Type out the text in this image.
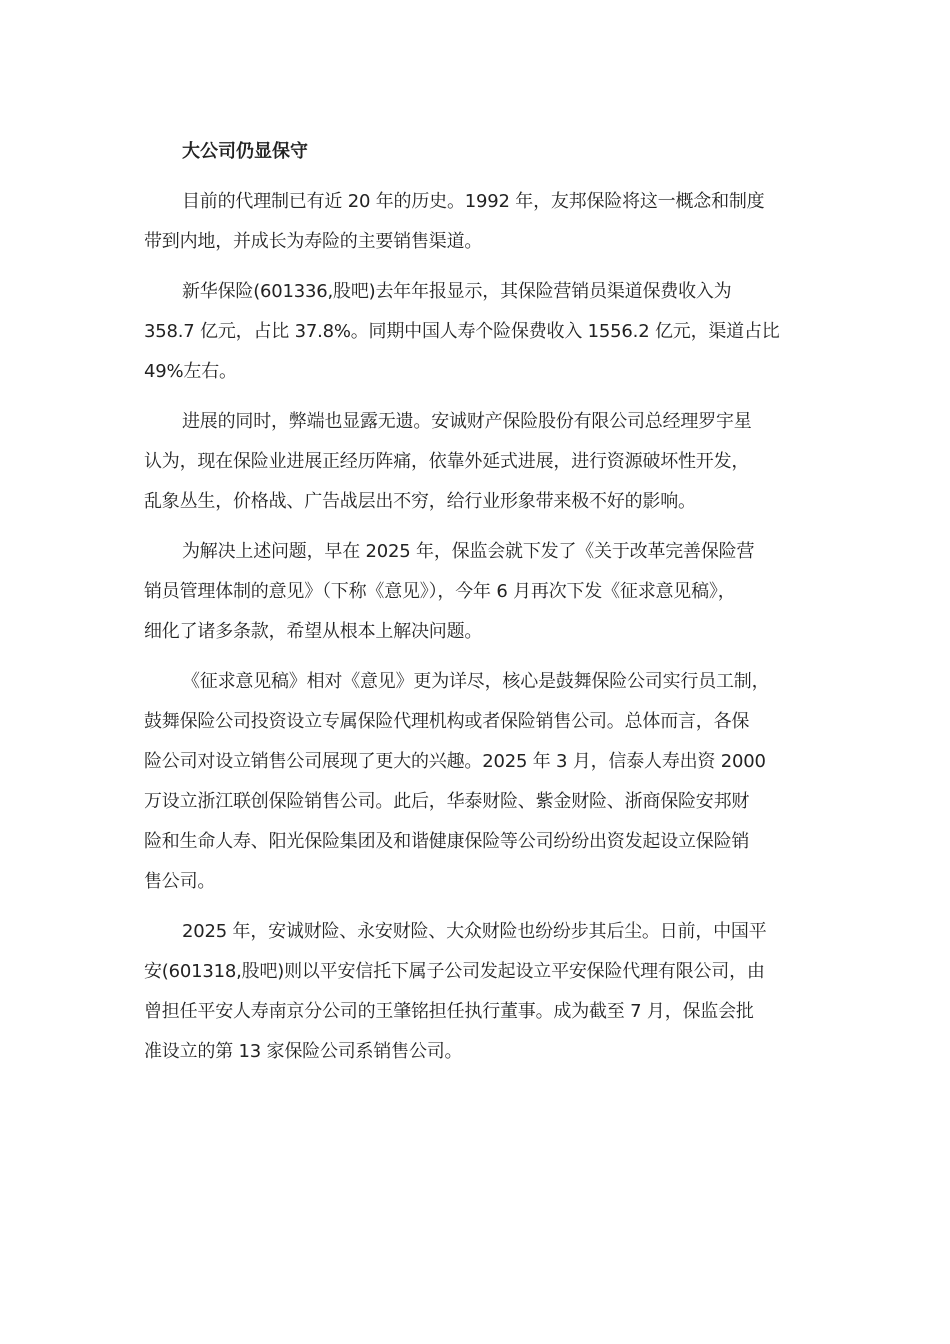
大公司仍显保守
目前的代理制已有近 20 年的历史。1992 年，友邦保险将这一概念和制度
带到内地，并成长为寿险的主要销售渠道。
新华保险(601336,股吧)去年年报显示，其保险营销员渠道保费收入为
358.7 亿元，占比 37.8%。同期中国人寿个险保费收入 1556.2 亿元，渠道占比
49%左右。
进展的同时，弊端也显露无遗。安诚财产保险股份有限公司总经理罗宇星
认为，现在保险业进展正经历阵痛，依靠外延式进展，进行资源破坏性开发，
乱象丛生，价格战、广告战层出不穷，给行业形象带来极不好的影响。
为解决上述问题，早在 2025 年，保监会就下发了《关于改革完善保险营
销员管理体制的意见》（下称《意见》），今年 6 月再次下发《征求意见稿》，
细化了诸多条款，希望从根本上解决问题。
《征求意见稿》相对《意见》更为详尽，核心是鼓舞保险公司实行员工制，
鼓舞保险公司投资设立专属保险代理机构或者保险销售公司。总体而言，各保
险公司对设立销售公司展现了更大的兴趣。2025 年 3 月，信泰人寿出资 2000
万设立浙江联创保险销售公司。此后，华泰财险、紫金财险、浙商保险安邦财
险和生命人寿、阳光保险集团及和谐健康保险等公司纷纷出资发起设立保险销
售公司。
2025 年，安诚财险、永安财险、大众财险也纷纷步其后尘。日前，中国平
安(601318,股吧)则以平安信托下属子公司发起设立平安保险代理有限公司，由
曾担任平安人寿南京分公司的王肇铭担任执行董事。成为截至 7 月，保监会批
准设立的第 13 家保险公司系销售公司。
